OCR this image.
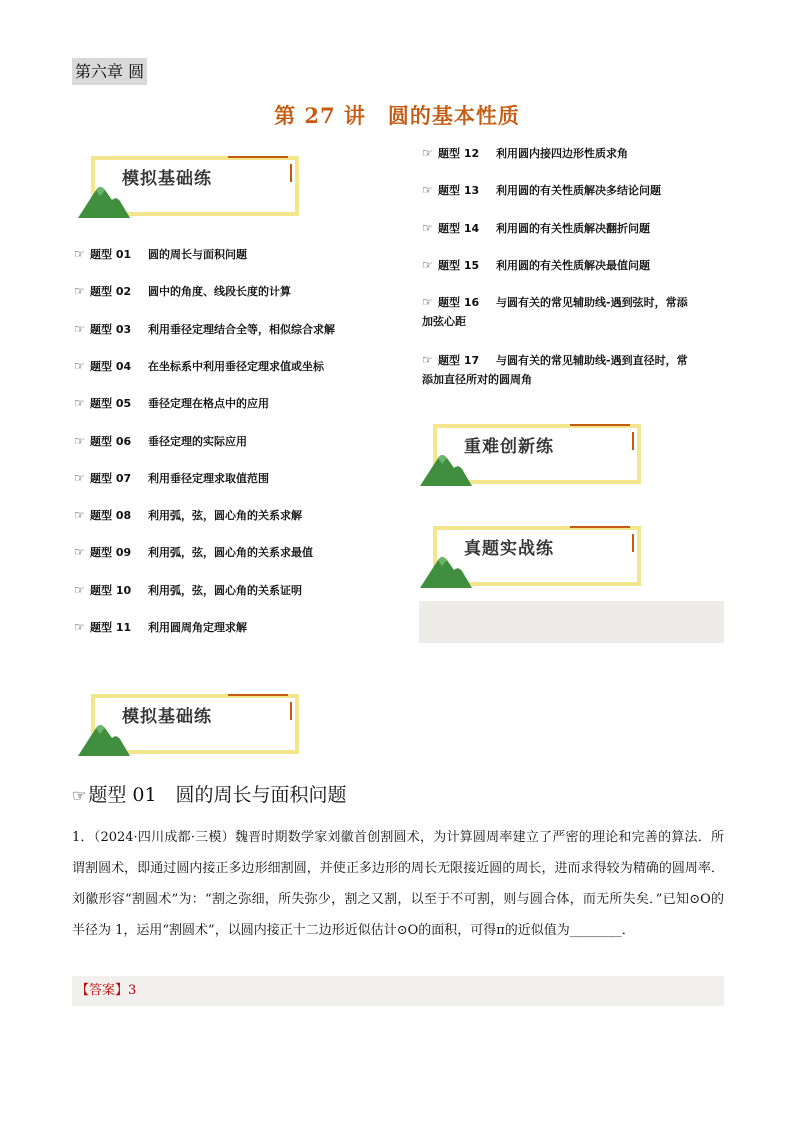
第六章 圆
第 27 讲　圆的基本性质
模拟基础练
☞ 题型 01 圆的周长与面积问题
☞ 题型 02 圆中的角度、线段长度的计算
☞ 题型 03 利用垂径定理结合全等，相似综合求解
☞ 题型 04 在坐标系中利用垂径定理求值或坐标
☞ 题型 05 垂径定理在格点中的应用
☞ 题型 06 垂径定理的实际应用
☞ 题型 07 利用垂径定理求取值范围
☞ 题型 08 利用弧，弦，圆心角的关系求解
☞ 题型 09 利用弧，弦，圆心角的关系求最值
☞ 题型 10 利用弧，弦，圆心角的关系证明
☞ 题型 11 利用圆周角定理求解
☞ 题型 12 利用圆内接四边形性质求角
☞ 题型 13 利用圆的有关性质解决多结论问题
☞ 题型 14 利用圆的有关性质解决翻折问题
☞ 题型 15 利用圆的有关性质解决最值问题
☞ 题型 16 与圆有关的常见辅助线-遇到弦时，常添
加弦心距
☞ 题型 17 与圆有关的常见辅助线-遇到直径时，常
添加直径所对的圆周角
重难创新练
真题实战练
模拟基础练
☞ 题型 01　圆的周长与面积问题
1．（2024·四川成都·三模）魏晋时期数学家刘徽首创割圆术，为计算圆周率建立了严密的理论和完善的算法．所谓割圆术，即通过圆内接正多边形细割圆，并使正多边形的周长无限接近圆的周长，进而求得较为精确的圆周率．刘徽形容“割圆术”为：“割之弥细，所失弥少，割之又割，以至于不可割，则与圆合体，而无所失矣．”已知⊙O的半径为 1，运用“割圆术”，以圆内接正十二边形近似估计⊙O的面积，可得π的近似值为________．
【答案】3
